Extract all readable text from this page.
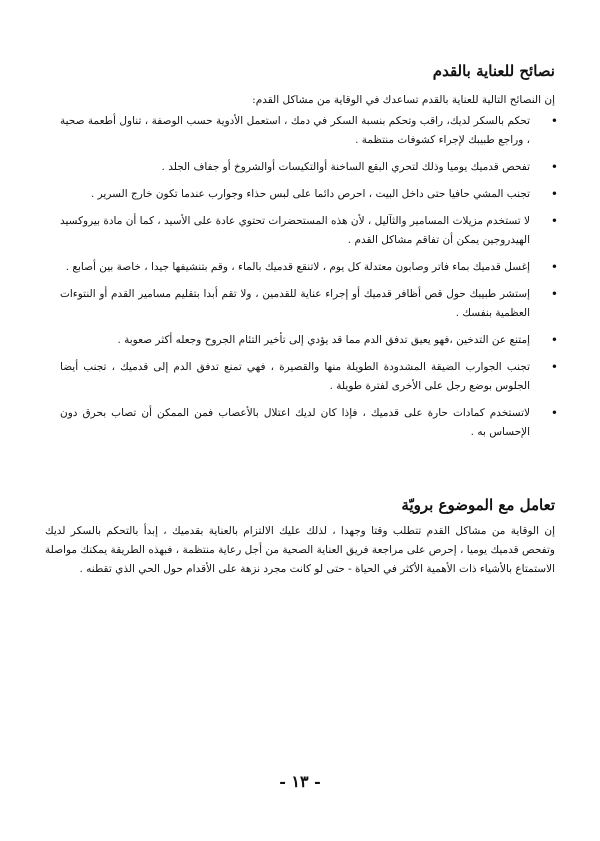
نصائح للعناية بالقدم
إن النصائح التالية للعناية بالقدم تساعدك في الوقاية من مشاكل القدم:
•
تحكم بالسكر لديك، راقب وتحكم بنسبة السكر في دمك ، استعمل الأدوية حسب الوصفة ، تناول أطعمة صحية ، وراجع طبيبك لإجراء كشوفات منتظمة .
•
تفحص قدميك يوميا وذلك لتحري البقع الساخنة أوالتكيسات أوالشروخ أو جفاف الجلد .
•
تجنب المشي حافيا حتى داخل البيت ، احرص دائما على لبس حذاء وجوارب عندما تكون خارج السرير .
•
لا تستخدم مزيلات المسامير والثآليل ، لأن هذه المستحضرات تحتوي عادة على الأسيد ، كما أن مادة بيروكسيد الهيدروجين يمكن أن تفاقم مشاكل القدم .
•
إغسل قدميك بماء فاتر وصابون معتدلة كل يوم ، لاتنقع قدميك بالماء ، وقم بتنشيفها جيدا ، خاصة بين أصابع .
•
إستشر طبيبك حول قص أظافر قدميك أو إجراء عناية للقدمين ، ولا تقم أبدا بتقليم مسامير القدم أو النتوءات العظمية بنفسك .
•
إمتنع عن التدخين ،فهو يعيق تدفق الدم مما قد يؤدي إلى تأخير التئام الجروح وجعله أكثر صعوبة .
•
تجنب الجوارب الضيقة المشدودة الطويلة منها والقصيرة ، فهي تمنع تدفق الدم إلى قدميك ، تجنب أيضا الجلوس بوضع رجل على الأخرى لفترة طويلة .
•
لاتستخدم كمادات حارة على قدميك ، فإذا كان لديك اعتلال بالأعصاب فمن الممكن أن تصاب بحرق دون الإحساس به .
تعامل مع الموضوع برويّة
إن الوقاية من مشاكل القدم تتطلب وقتا وجهدا ، لذلك عليك الالتزام بالعناية بقدميك ، إبدأ بالتحكم بالسكر لديك وتفحص قدميك يوميا ، إحرص على مراجعة فريق العناية الصحية من أجل رعاية منتظمة ، فبهذه الطريقة يمكنك مواصلة الاستمتاع بالأشياء ذات الأهمية الأكثر في الحياة - حتى لو كانت مجرد نزهة على الأقدام حول الحي الذي تقطنه .
- ١٣ -
